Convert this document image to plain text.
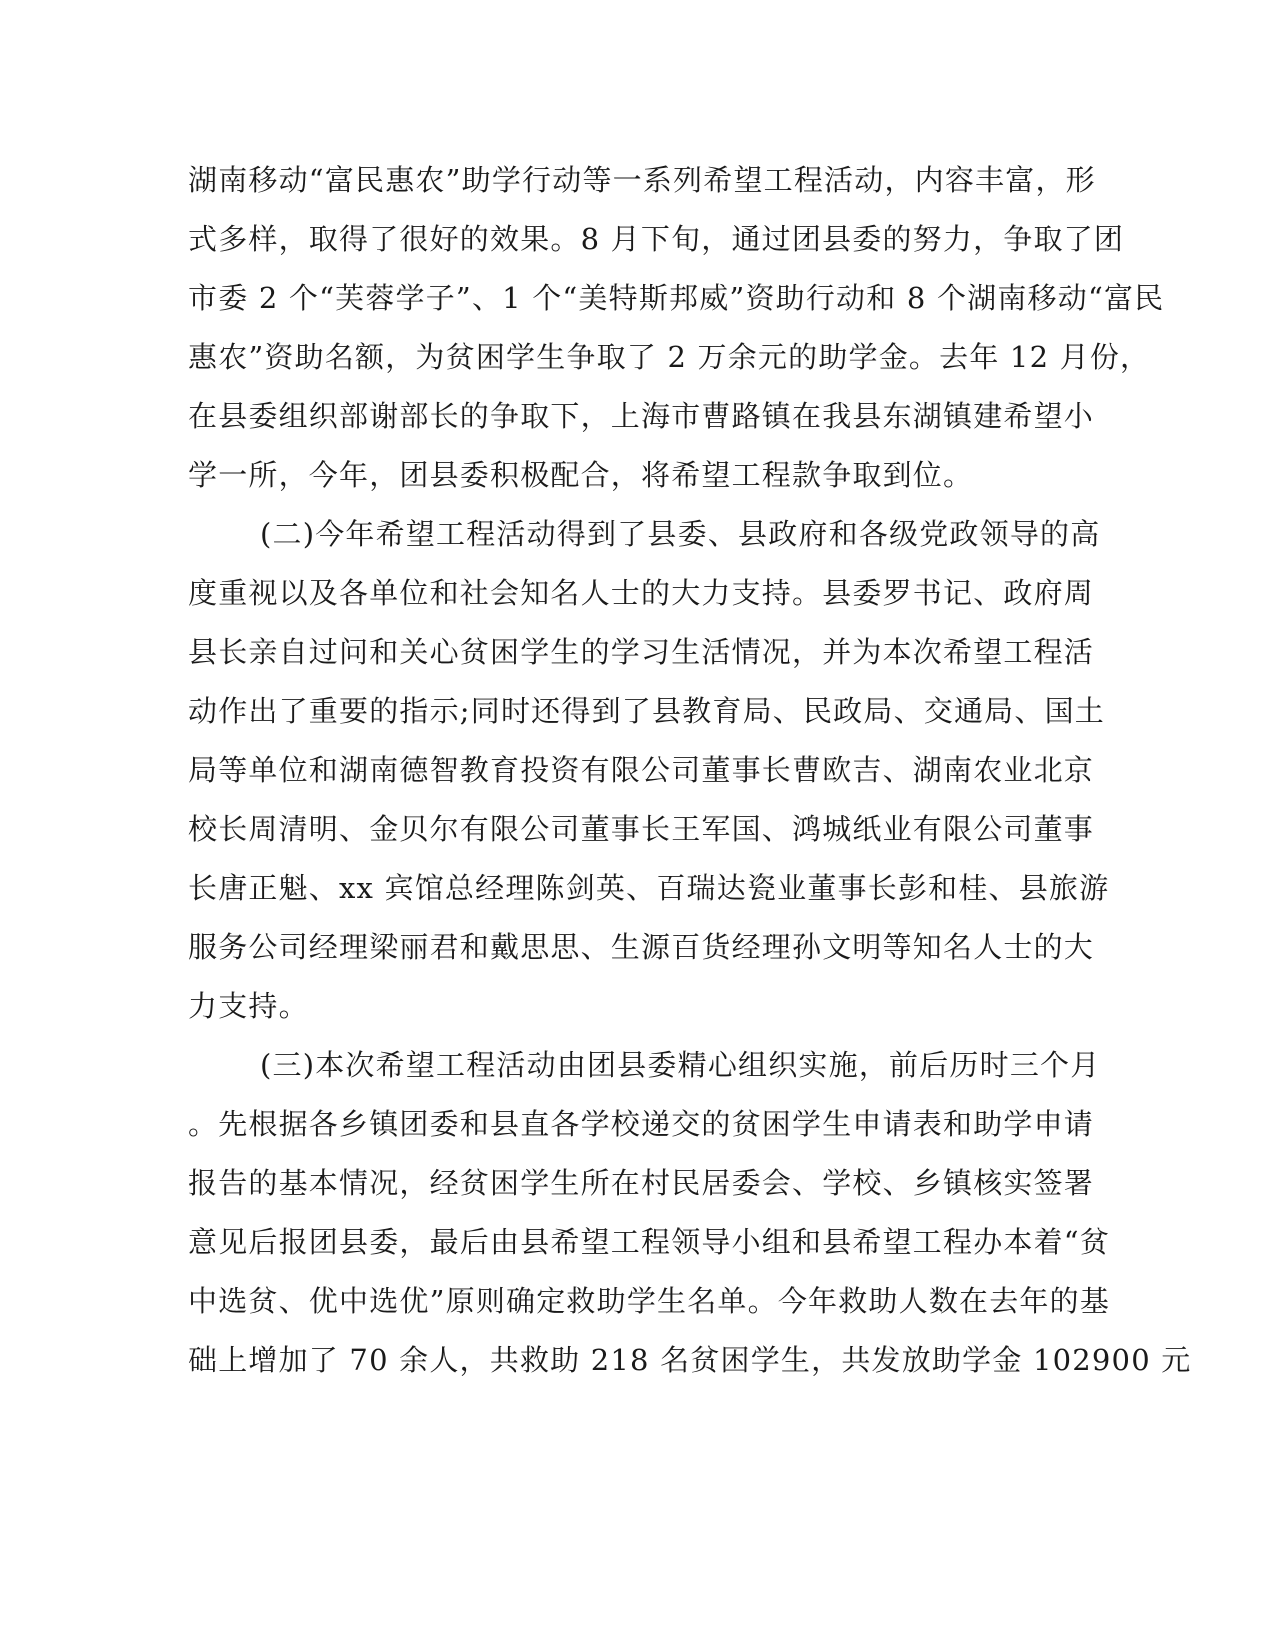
湖南移动“富民惠农”助学行动等一系列希望工程活动，内容丰富，形
式多样，取得了很好的效果。8 月下旬，通过团县委的努力，争取了团
市委 2 个“芙蓉学子”、1 个“美特斯邦威”资助行动和 8 个湖南移动“富民
惠农”资助名额，为贫困学生争取了 2 万余元的助学金。去年 12 月份，
在县委组织部谢部长的争取下，上海市曹路镇在我县东湖镇建希望小
学一所，今年，团县委积极配合，将希望工程款争取到位。
(二)今年希望工程活动得到了县委、县政府和各级党政领导的高
度重视以及各单位和社会知名人士的大力支持。县委罗书记、政府周
县长亲自过问和关心贫困学生的学习生活情况，并为本次希望工程活
动作出了重要的指示;同时还得到了县教育局、民政局、交通局、国土
局等单位和湖南德智教育投资有限公司董事长曹欧吉、湖南农业北京
校长周清明、金贝尔有限公司董事长王军国、鸿城纸业有限公司董事
长唐正魁、xx 宾馆总经理陈剑英、百瑞达瓷业董事长彭和桂、县旅游
服务公司经理梁丽君和戴思思、生源百货经理孙文明等知名人士的大
力支持。
(三)本次希望工程活动由团县委精心组织实施，前后历时三个月
。先根据各乡镇团委和县直各学校递交的贫困学生申请表和助学申请
报告的基本情况，经贫困学生所在村民居委会、学校、乡镇核实签署
意见后报团县委，最后由县希望工程领导小组和县希望工程办本着“贫
中选贫、优中选优”原则确定救助学生名单。今年救助人数在去年的基
础上增加了 70 余人，共救助 218 名贫困学生，共发放助学金 102900 元
